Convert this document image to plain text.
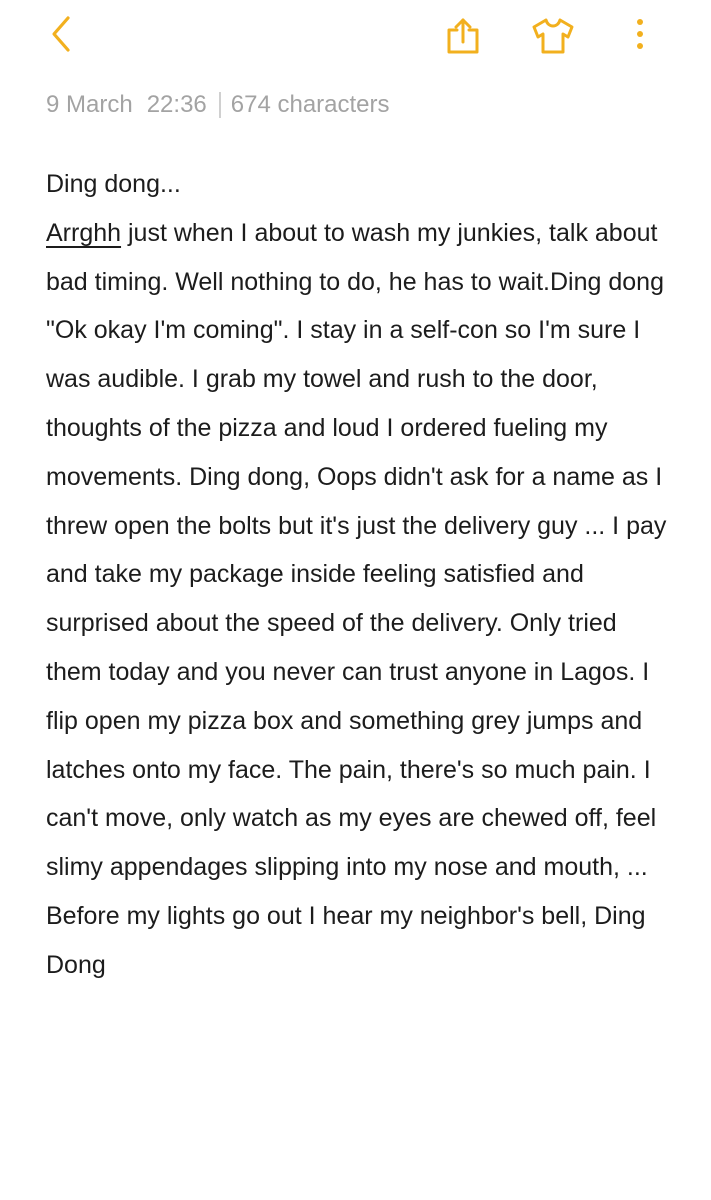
9 March 22:36 674 characters
Ding dong...
Arrghh just when I about to wash my junkies, talk about
bad timing. Well nothing to do, he has to wait.Ding dong
"Ok okay I'm coming". I stay in a self-con so I'm sure I
was audible. I grab my towel and rush to the door,
thoughts of the pizza and loud I ordered fueling my
movements. Ding dong, Oops didn't ask for a name as I
threw open the bolts but it's just the delivery guy ... I pay
and take my package inside feeling satisfied and
surprised about the speed of the delivery. Only tried
them today and you never can trust anyone in Lagos. I
flip open my pizza box and something grey jumps and
latches onto my face. The pain, there's so much pain. I
can't move, only watch as my eyes are chewed off, feel
slimy appendages slipping into my nose and mouth, ...
Before my lights go out I hear my neighbor's bell, Ding
Dong
